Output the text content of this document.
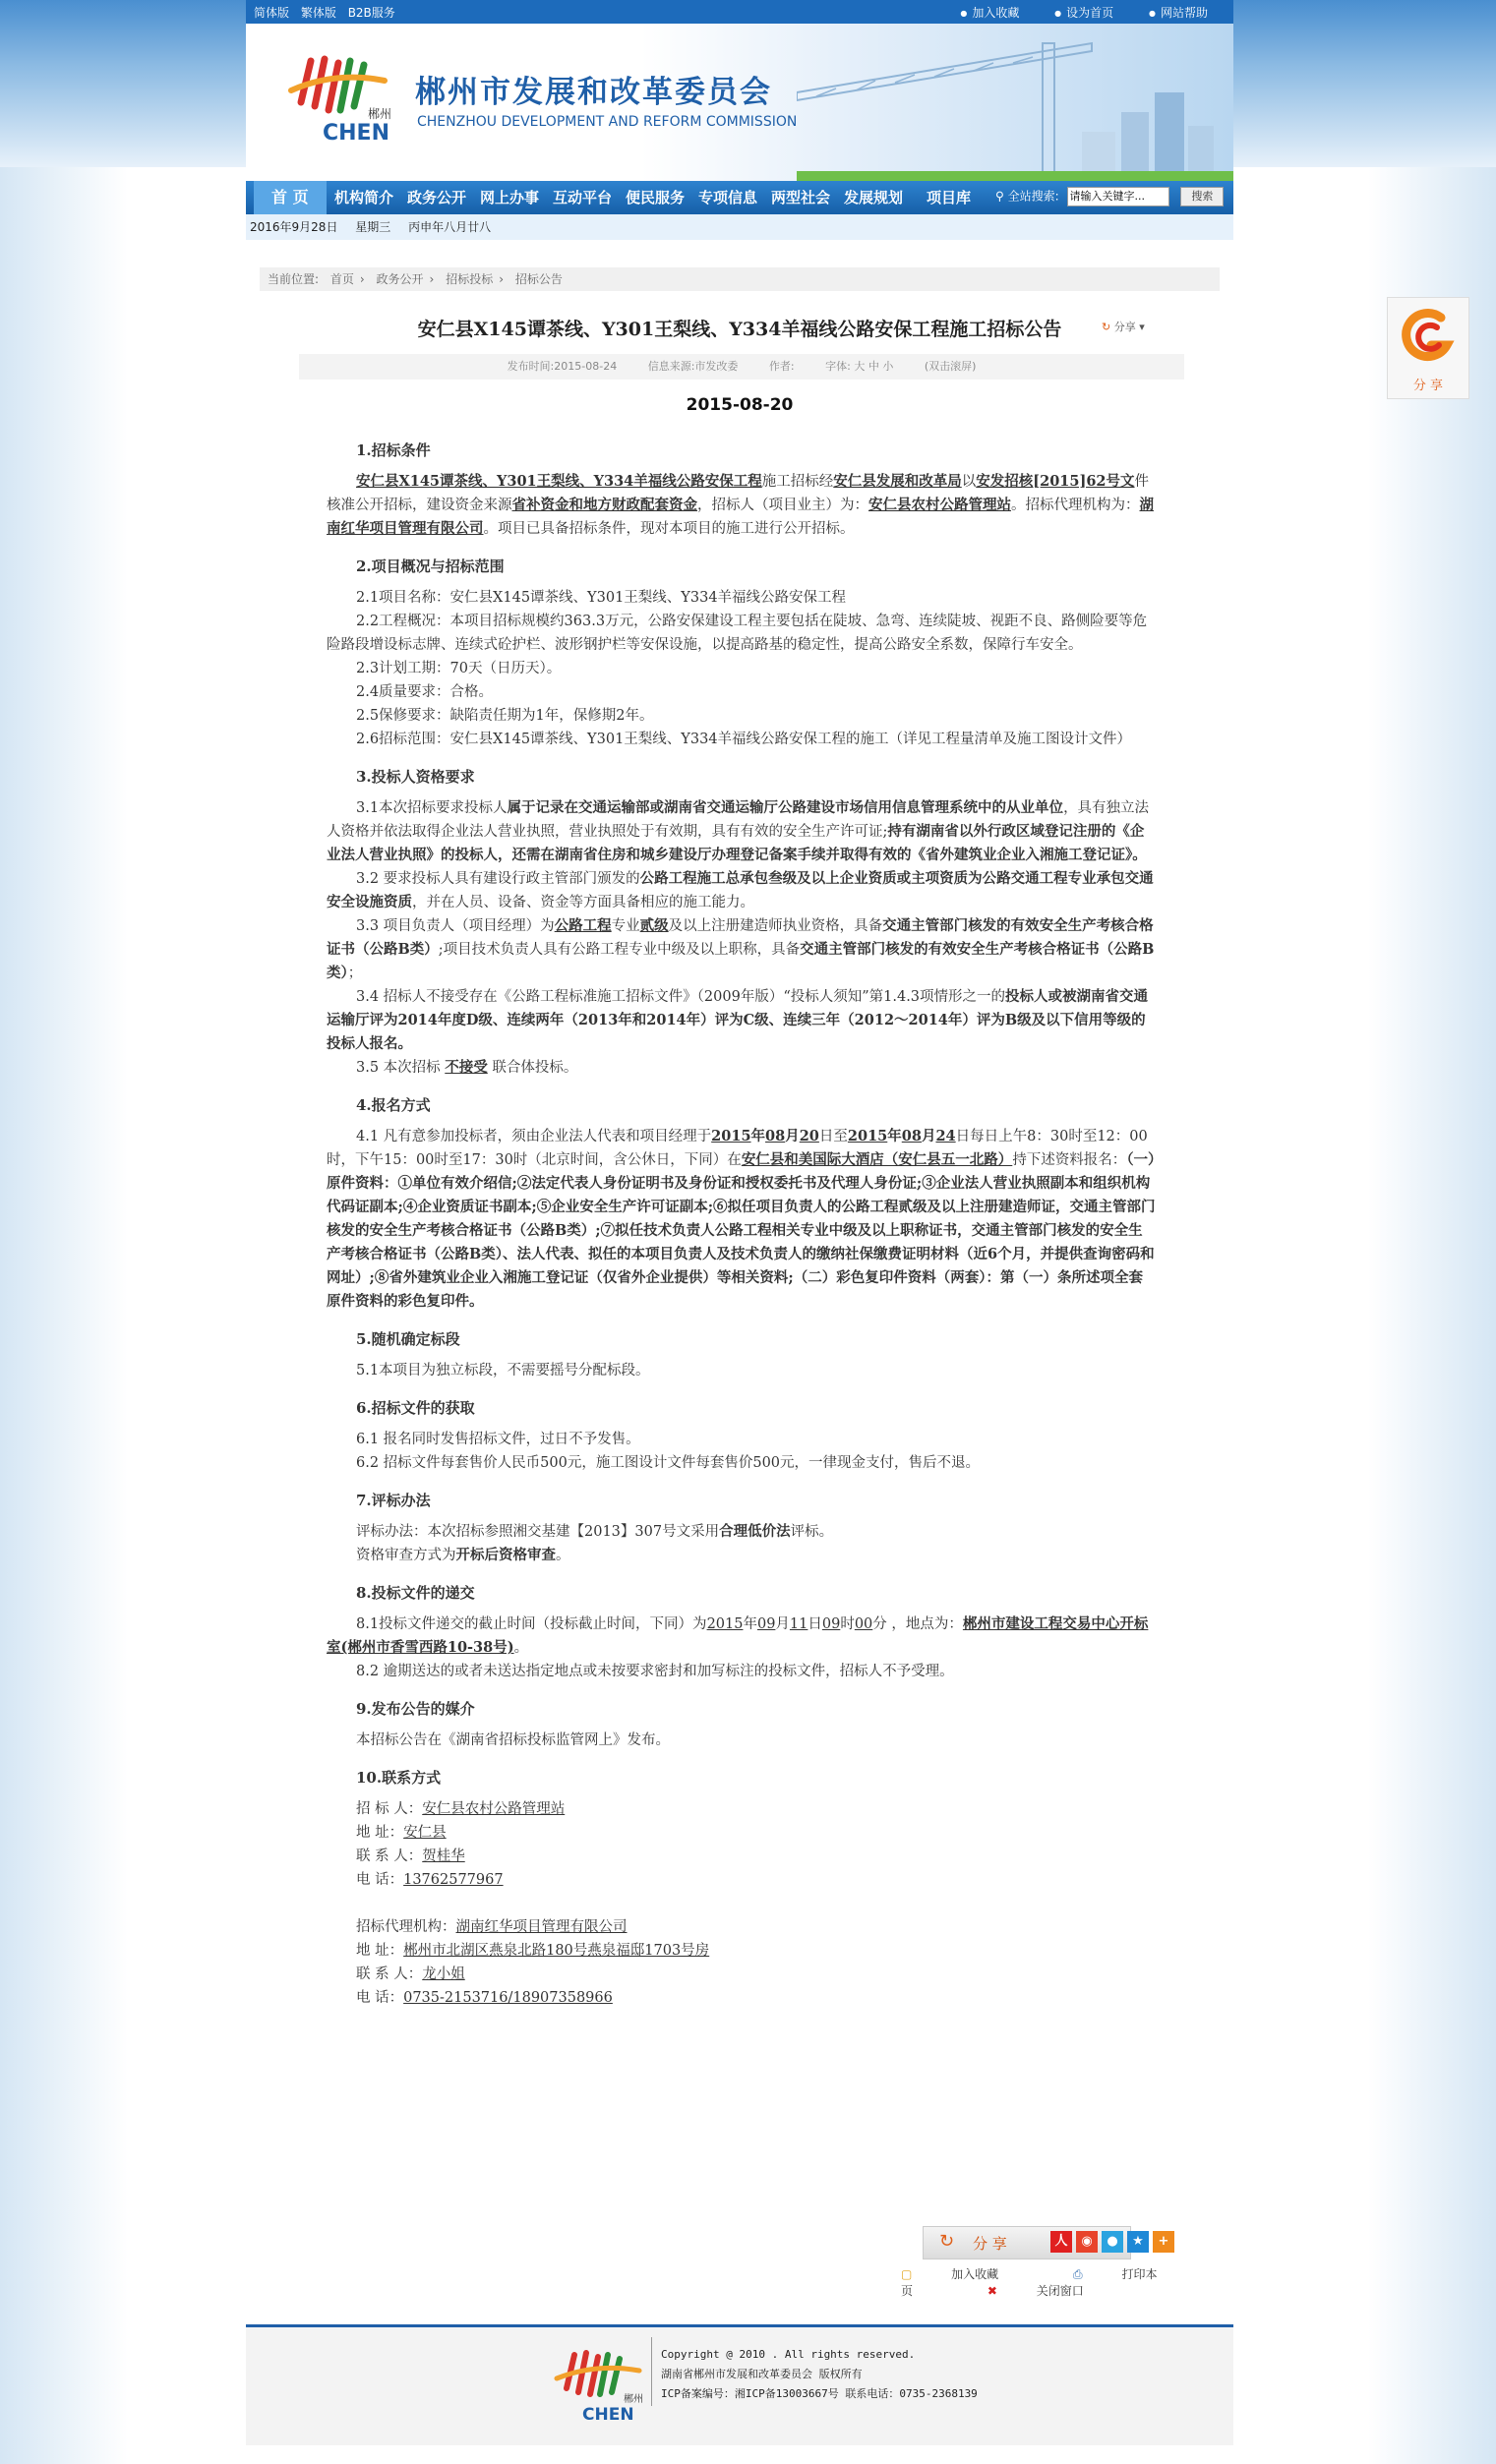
简体版 繁体版 B2B服务	● 加入收藏	● 设为首页	● 网站帮助
郴州
CHEN
郴州市发展和改革委员会
CHENZHOU DEVELOPMENT AND REFORM COMMISSION
首 页	机构简介 政务公开 网上办事 互动平台 便民服务 专项信息 两型社会 发展规划 项目库 ⚲ 全站搜索: 请输入关键字...	搜索
2016年9月28日 星期三 丙申年八月廿八
当前位置: 首页 › 政务公开 › 招标投标 › 招标公告
安仁县X145谭茶线、Y301王梨线、Y334羊福线公路安保工程施工招标公告	↻ 分享 ▾
发布时间:2015-08-24	信息来源:市发改委	作者:	字体: 大 中 小	(双击滚屏)
2015-08-20
1.招标条件

安仁县X145谭茶线、Y301王梨线、Y334羊福线公路安保工程施工招标经安仁县发展和改革局以安发招核[2015]62号文件核准公开招标，建设资金来源省补资金和地方财政配套资金，招标人（项目业主）为：安仁县农村公路管理站。招标代理机构为：湖南红华项目管理有限公司。项目已具备招标条件，现对本项目的施工进行公开招标。

2.项目概况与招标范围

2.1项目名称：安仁县X145谭茶线、Y301王梨线、Y334羊福线公路安保工程

2.2工程概况：本项目招标规模约363.3万元，公路安保建设工程主要包括在陡坡、急弯、连续陡坡、视距不良、路侧险要等危险路段增设标志牌、连续式砼护栏、波形钢护栏等安保设施，以提高路基的稳定性，提高公路安全系数，保障行车安全。

2.3计划工期：70天（日历天）。

2.4质量要求：合格。

2.5保修要求：缺陷责任期为1年，保修期2年。

2.6招标范围：安仁县X145谭茶线、Y301王梨线、Y334羊福线公路安保工程的施工（详见工程量清单及施工图设计文件）

3.投标人资格要求

3.1本次招标要求投标人属于记录在交通运输部或湖南省交通运输厅公路建设市场信用信息管理系统中的从业单位，具有独立法人资格并依法取得企业法人营业执照，营业执照处于有效期，具有有效的安全生产许可证;持有湖南省以外行政区域登记注册的《企业法人营业执照》的投标人，还需在湖南省住房和城乡建设厅办理登记备案手续并取得有效的《省外建筑业企业入湘施工登记证》。

3.2 要求投标人具有建设行政主管部门颁发的公路工程施工总承包叁级及以上企业资质或主项资质为公路交通工程专业承包交通安全设施资质，并在人员、设备、资金等方面具备相应的施工能力。

3.3 项目负责人（项目经理）为公路工程专业贰级及以上注册建造师执业资格，具备交通主管部门核发的有效安全生产考核合格证书（公路B类）;项目技术负责人具有公路工程专业中级及以上职称，具备交通主管部门核发的有效安全生产考核合格证书（公路B类）；

3.4 招标人不接受存在《公路工程标准施工招标文件》（2009年版）“投标人须知”第1.4.3项情形之一的投标人或被湖南省交通运输厅评为2014年度D级、连续两年（2013年和2014年）评为C级、连续三年（2012～2014年）评为B级及以下信用等级的投标人报名。

3.5 本次招标 不接受 联合体投标。

4.报名方式

4.1 凡有意参加投标者，须由企业法人代表和项目经理于2015年08月20日至2015年08月24日每日上午8：30时至12：00时，下午15：00时至17：30时（北京时间，含公休日，下同）在安仁县和美国际大酒店（安仁县五一北路）持下述资料报名：（一）原件资料：①单位有效介绍信;②法定代表人身份证明书及身份证和授权委托书及代理人身份证;③企业法人营业执照副本和组织机构代码证副本;④企业资质证书副本;⑤企业安全生产许可证副本;⑥拟任项目负责人的公路工程贰级及以上注册建造师证，交通主管部门核发的安全生产考核合格证书（公路B类）;⑦拟任技术负责人公路工程相关专业中级及以上职称证书，交通主管部门核发的安全生产考核合格证书（公路B类）、法人代表、拟任的本项目负责人及技术负责人的缴纳社保缴费证明材料（近6个月，并提供查询密码和网址）;⑧省外建筑业企业入湘施工登记证（仅省外企业提供）等相关资料;（二）彩色复印件资料（两套）：第（一）条所述项全套原件资料的彩色复印件。

5.随机确定标段

5.1本项目为独立标段，不需要摇号分配标段。

6.招标文件的获取

6.1 报名同时发售招标文件，过日不予发售。

6.2 招标文件每套售价人民币500元，施工图设计文件每套售价500元，一律现金支付，售后不退。

7.评标办法

评标办法：本次招标参照湘交基建【2013】307号文采用合理低价法评标。

资格审查方式为开标后资格审查。

8.投标文件的递交

8.1投标文件递交的截止时间（投标截止时间，下同）为2015年09月11日09时00分 ，地点为：郴州市建设工程交易中心开标室(郴州市香雪西路10-38号)。

8.2 逾期送达的或者未送达指定地点或未按要求密封和加写标注的投标文件，招标人不予受理。

9.发布公告的媒介

本招标公告在《湖南省招标投标监管网上》发布。

10.联系方式

招 标 人：安仁县农村公路管理站

地 址：安仁县

联 系 人：贺桂华

电 话：13762577967

招标代理机构：湖南红华项目管理有限公司

地 址：郴州市北湖区燕泉北路180号燕泉福邸1703号房

联 系 人：龙小姐

电 话：0735-2153716/18907358966

↻ 分 享	人	◉	●	★	+
▢	加入收藏	⎙	打印本页	✖	关闭窗口
郴州
CHEN
Copyright @ 2010 . All rights reserved.
湖南省郴州市发展和改革委员会 版权所有
ICP备案编号：湘ICP备13003667号 联系电话：0735-2368139
分 享
